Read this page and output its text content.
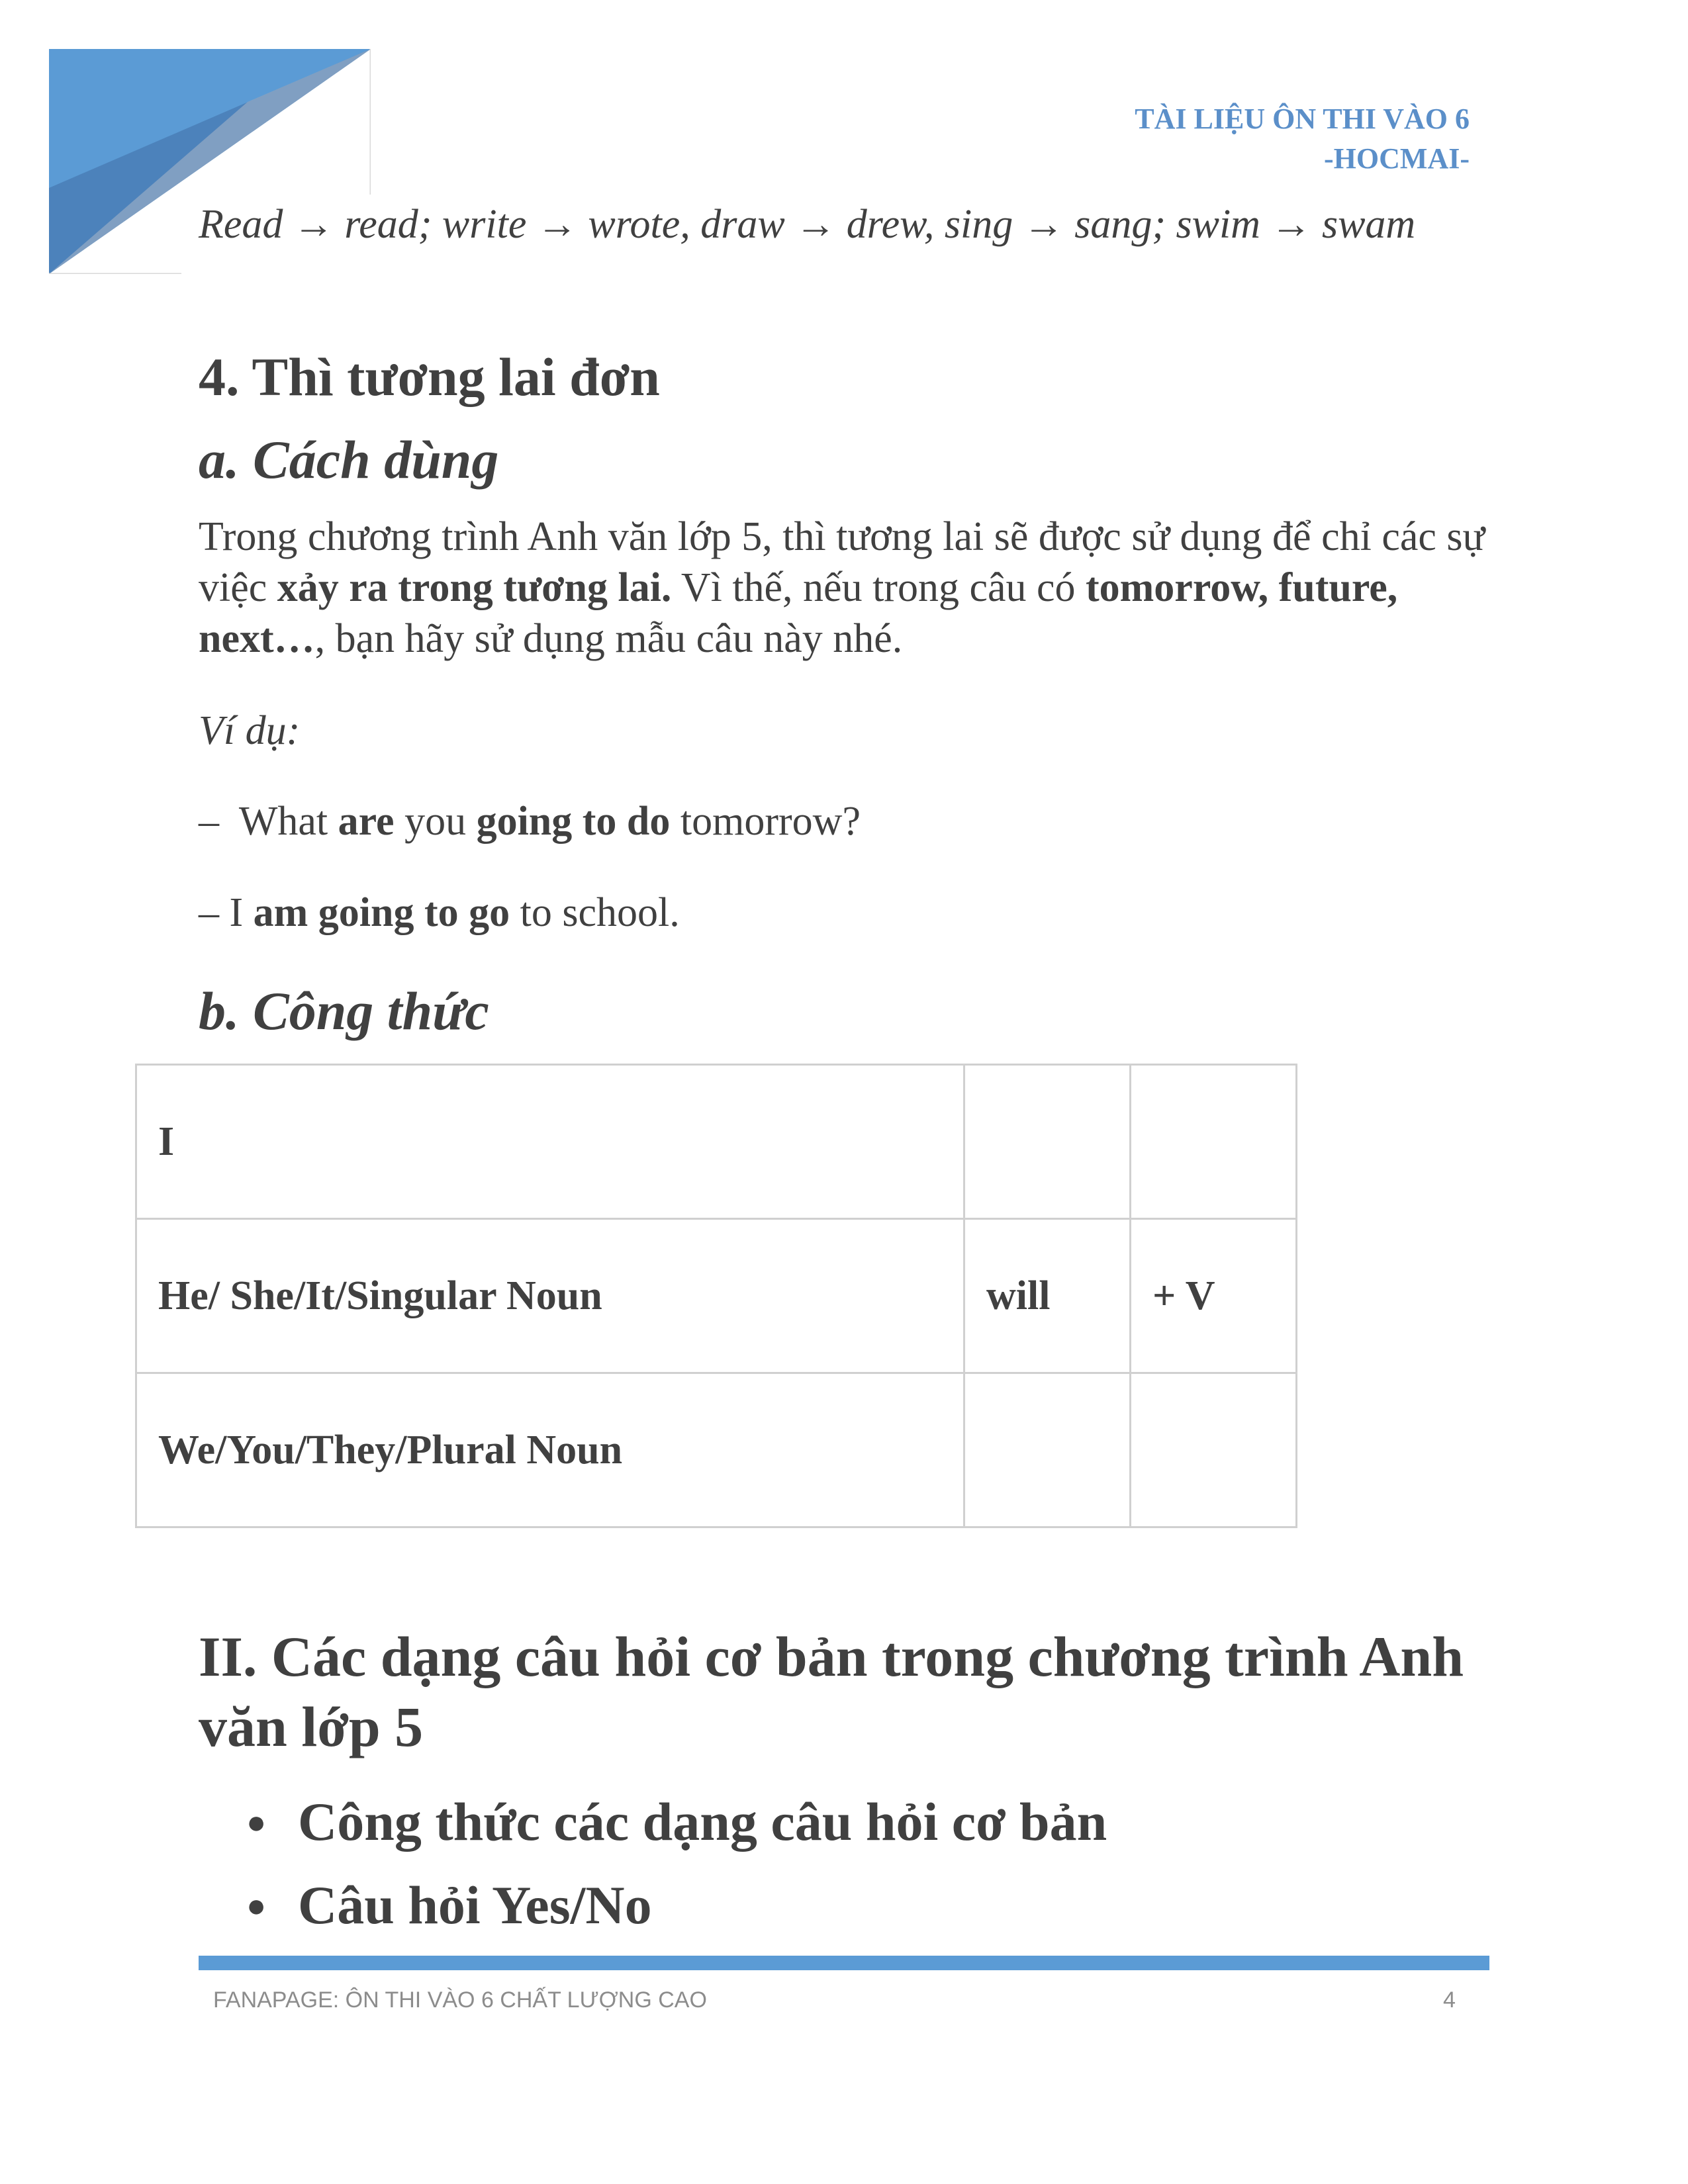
TÀI LIỆU ÔN THI VÀO 6
-HOCMAI-
Read → read; write → wrote, draw → drew, sing → sang; swim → swam
4. Thì tương lai đơn
a. Cách dùng
Trong chương trình Anh văn lớp 5, thì tương lai sẽ được sử dụng để chỉ các sự việc xảy ra trong tương lai. Vì thế, nếu trong câu có tomorrow, future, next…, bạn hãy sử dụng mẫu câu này nhé.
Ví dụ:
–  What are you going to do tomorrow?
– I am going to go to school.
b. Công thức
I		
He/ She/It/Singular Noun	will	+ V
We/You/They/Plural Noun		
II. Các dạng câu hỏi cơ bản trong chương trình Anh văn lớp 5
● Công thức các dạng câu hỏi cơ bản
● Câu hỏi Yes/No
FANAPAGE: ÔN THI VÀO 6 CHẤT LƯỢNG CAO	4
